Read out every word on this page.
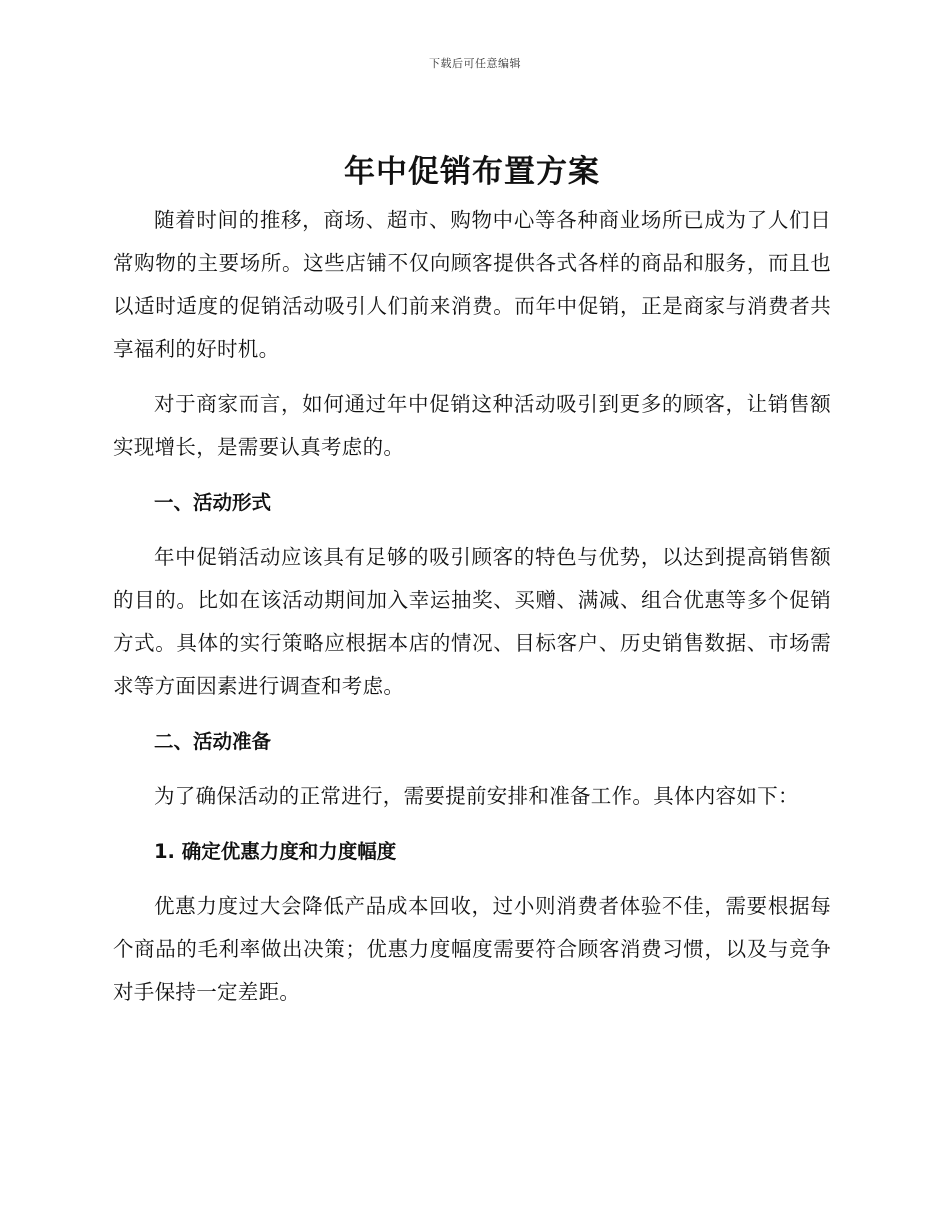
下载后可任意编辑
年中促销布置方案

随着时间的推移，商场、超市、购物中心等各种商业场所已成为了人们日常购物的主要场所。这些店铺不仅向顾客提供各式各样的商品和服务，而且也以适时适度的促销活动吸引人们前来消费。而年中促销，正是商家与消费者共享福利的好时机。

对于商家而言，如何通过年中促销这种活动吸引到更多的顾客，让销售额实现增长，是需要认真考虑的。

一、活动形式

年中促销活动应该具有足够的吸引顾客的特色与优势，以达到提高销售额的目的。比如在该活动期间加入幸运抽奖、买赠、满减、组合优惠等多个促销方式。具体的实行策略应根据本店的情况、目标客户、历史销售数据、市场需求等方面因素进行调查和考虑。

二、活动准备

为了确保活动的正常进行，需要提前安排和准备工作。具体内容如下：

1. 确定优惠力度和力度幅度

优惠力度过大会降低产品成本回收，过小则消费者体验不佳，需要根据每个商品的毛利率做出决策；优惠力度幅度需要符合顾客消费习惯，以及与竞争对手保持一定差距。
